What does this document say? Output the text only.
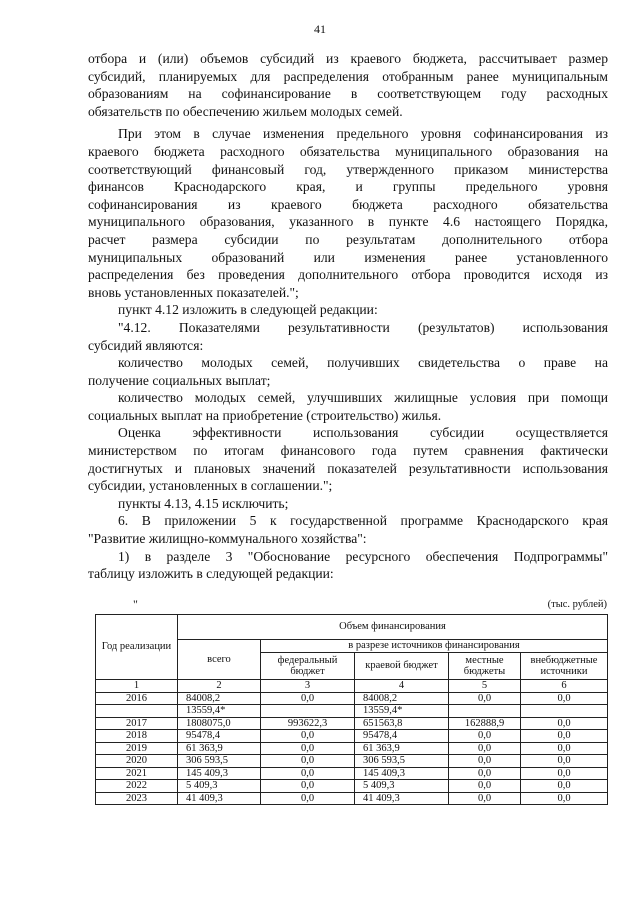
41
отбора и (или) объемов субсидий из краевого бюджета, рассчитывает размер
субсидий, планируемых для распределения отобранным ранее муниципальным
образованиям на софинансирование в соответствующем году расходных
обязательств по обеспечению жильем молодых семей.
При этом в случае изменения предельного уровня софинансирования из
краевого бюджета расходного обязательства муниципального образования на
соответствующий финансовый год, утвержденного приказом министерства
финансов Краснодарского края, и группы предельного уровня
софинансирования из краевого бюджета расходного обязательства
муниципального образования, указанного в пункте 4.6 настоящего Порядка,
расчет размера субсидии по результатам дополнительного отбора
муниципальных образований или изменения ранее установленного
распределения без проведения дополнительного отбора проводится исходя из
вновь установленных показателей.";
пункт 4.12 изложить в следующей редакции:
"4.12. Показателями результативности (результатов) использования
субсидий являются:
количество молодых семей, получивших свидетельства о праве на
получение социальных выплат;
количество молодых семей, улучшивших жилищные условия при помощи
социальных выплат на приобретение (строительство) жилья.
Оценка эффективности использования субсидии осуществляется
министерством по итогам финансового года путем сравнения фактически
достигнутых и плановых значений показателей результативности использования
субсидии, установленных в соглашении.";
пункты 4.13, 4.15 исключить;
6. В приложении 5 к государственной программе Краснодарского края
"Развитие жилищно-коммунального хозяйства":
1) в разделе 3 "Обоснование ресурсного обеспечения Подпрограммы"
таблицу изложить в следующей редакции:
"	(тыс. рублей)
Год реализации	Объем финансирования				
	всего	в разрезе источников финансирования			
		федеральный бюджет	краевой бюджет	местные бюджеты	внебюджетные источники
1	2	3	4	5	6
2016	84008,2	0,0	84008,2	0,0	0,0
	13559,4*		13559,4*		
2017	1808075,0	993622,3	651563,8	162888,9	0,0
2018	95478,4	0,0	95478,4	0,0	0,0
2019	61 363,9	0,0	61 363,9	0,0	0,0
2020	306 593,5	0,0	306 593,5	0,0	0,0
2021	145 409,3	0,0	145 409,3	0,0	0,0
2022	5 409,3	0,0	5 409,3	0,0	0,0
2023	41 409,3	0,0	41 409,3	0,0	0,0
